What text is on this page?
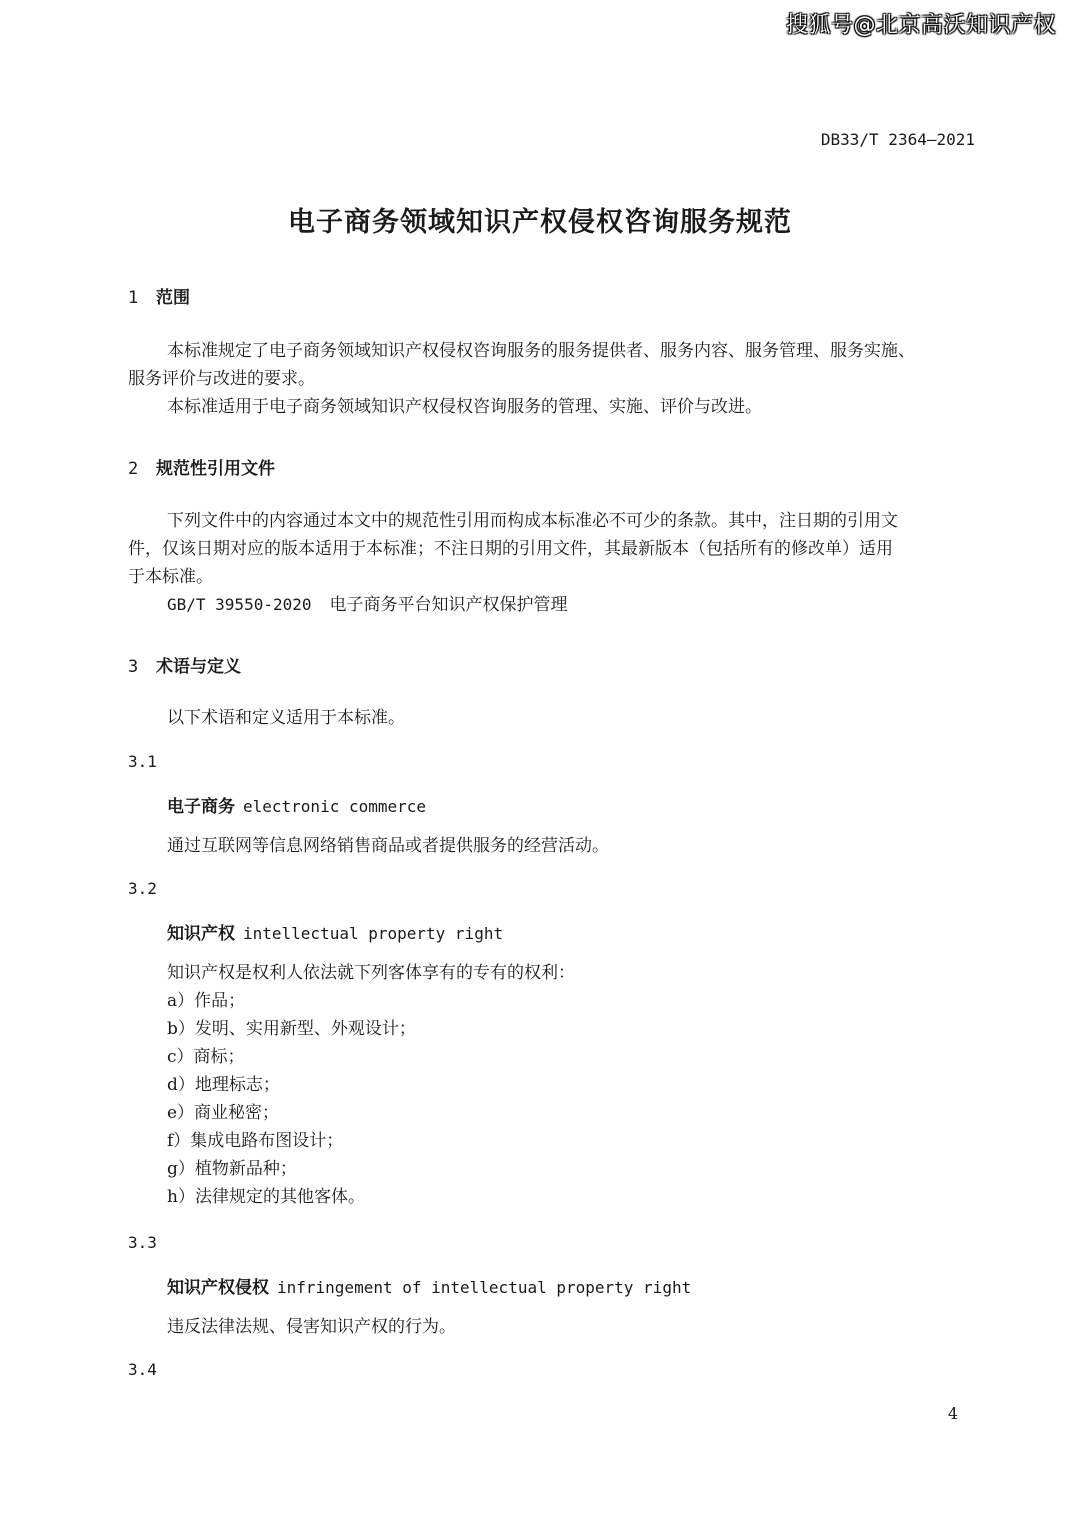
搜狐号@北京高沃知识产权
DB33/T 2364—2021
电子商务领域知识产权侵权咨询服务规范
1 范围
本标准规定了电子商务领域知识产权侵权咨询服务的服务提供者、服务内容、服务管理、服务实施、
服务评价与改进的要求。
本标准适用于电子商务领域知识产权侵权咨询服务的管理、实施、评价与改进。
2 规范性引用文件
下列文件中的内容通过本文中的规范性引用而构成本标准必不可少的条款。其中，注日期的引用文
件，仅该日期对应的版本适用于本标准；不注日期的引用文件，其最新版本（包括所有的修改单）适用
于本标准。
GB/T 39550-2020 电子商务平台知识产权保护管理
3 术语与定义
以下术语和定义适用于本标准。
3.1
电子商务 electronic commerce
通过互联网等信息网络销售商品或者提供服务的经营活动。
3.2
知识产权 intellectual property right
知识产权是权利人依法就下列客体享有的专有的权利：
a）作品；
b）发明、实用新型、外观设计；
c）商标；
d）地理标志；
e）商业秘密；
f）集成电路布图设计；
g）植物新品种；
h）法律规定的其他客体。
3.3
知识产权侵权 infringement of intellectual property right
违反法律法规、侵害知识产权的行为。
3.4
4
